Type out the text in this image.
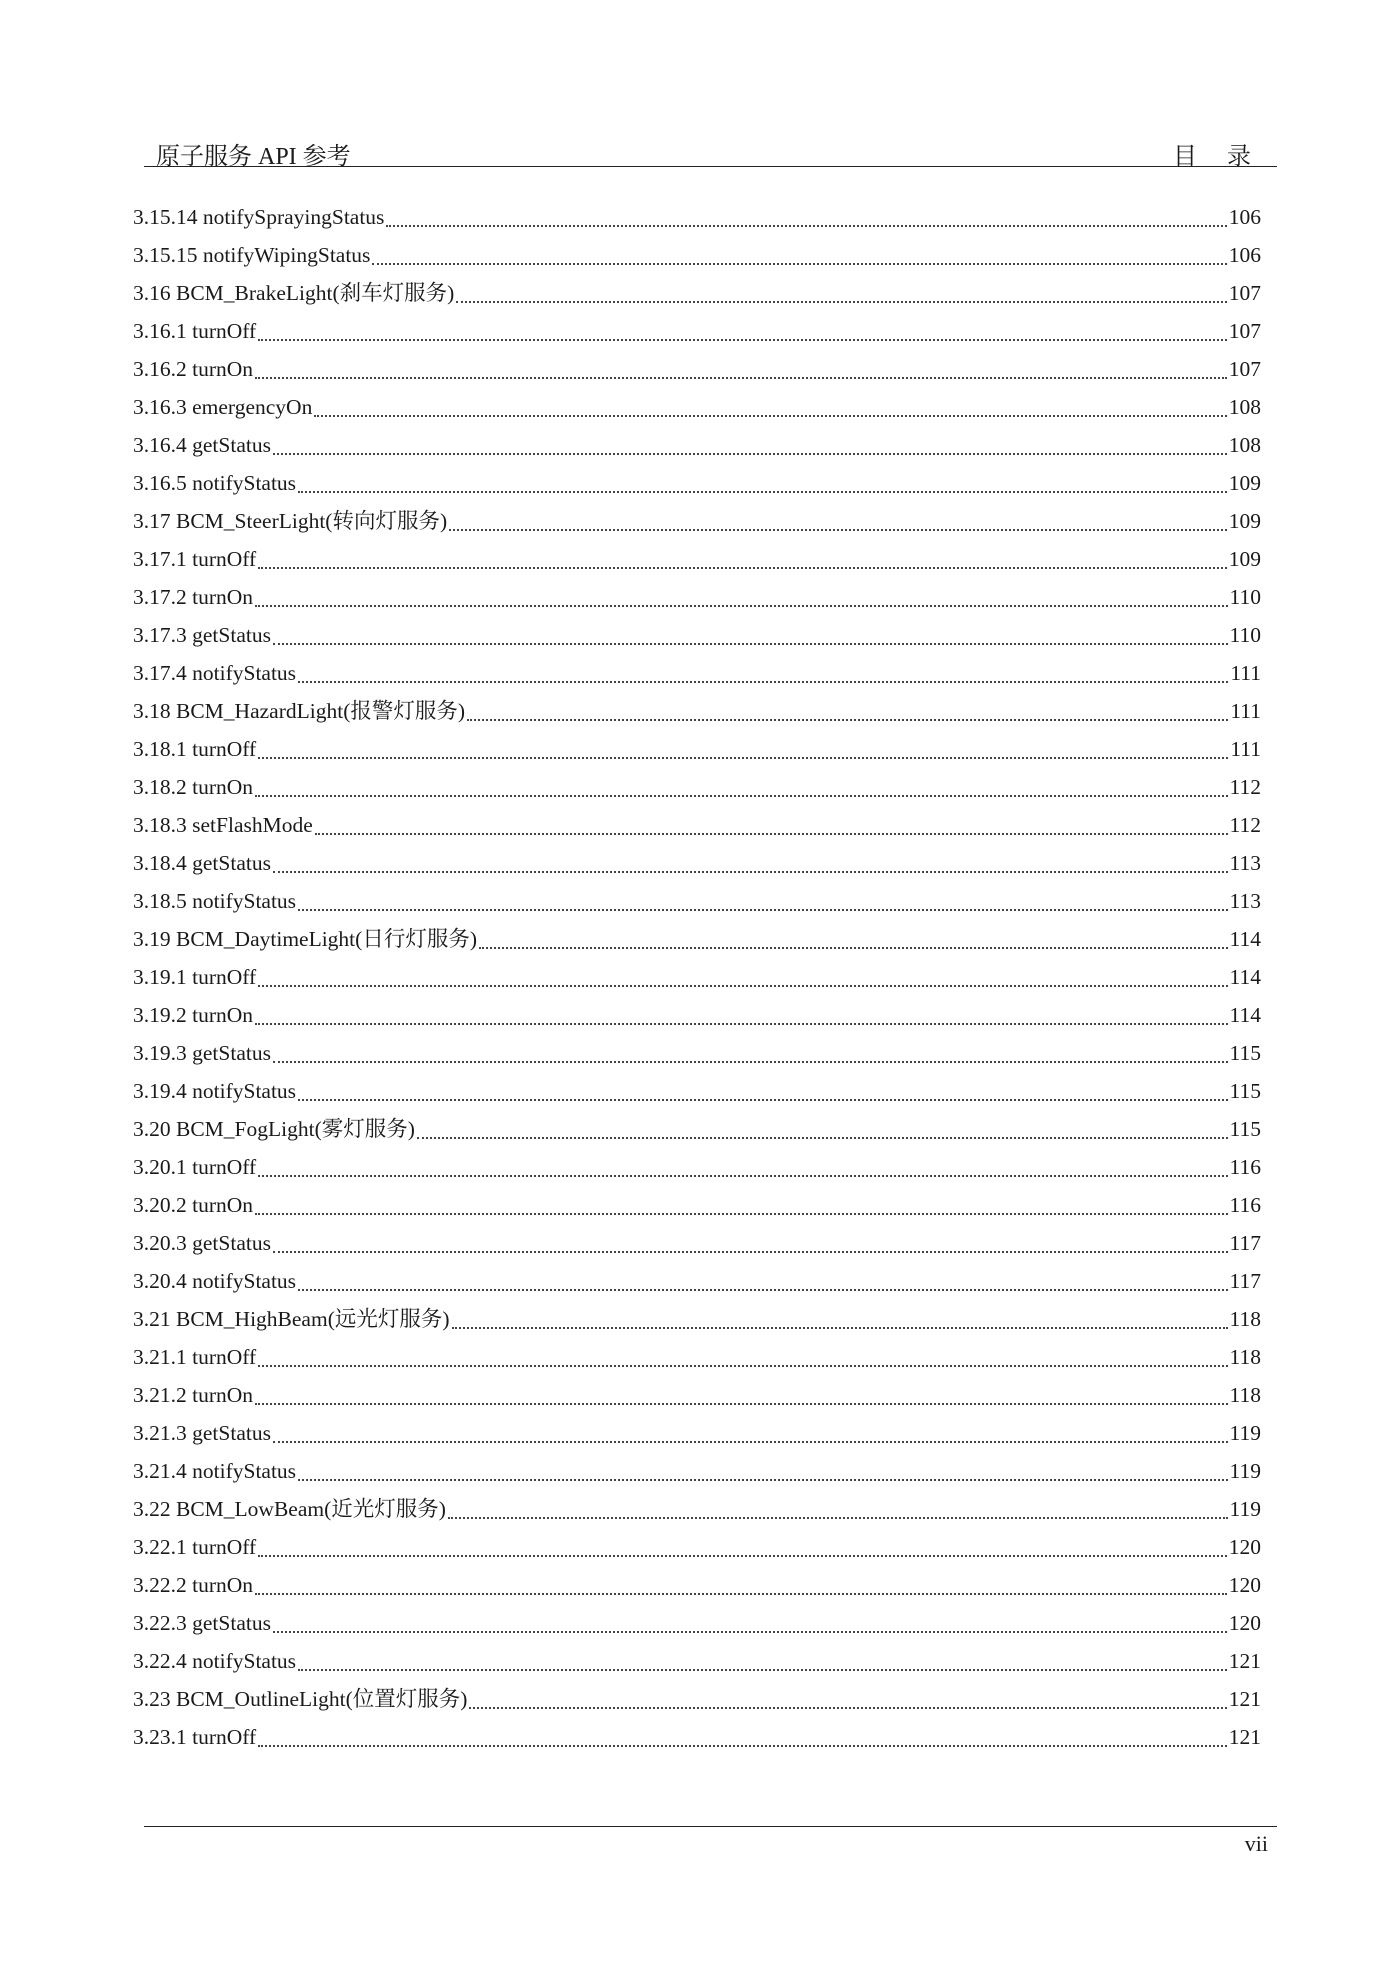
原子服务 API 参考	目 录
3.15.14 notifySprayingStatus	106
3.15.15 notifyWipingStatus	106
3.16 BCM_BrakeLight(刹车灯服务)	107
3.16.1 turnOff	107
3.16.2 turnOn	107
3.16.3 emergencyOn	108
3.16.4 getStatus	108
3.16.5 notifyStatus	109
3.17 BCM_SteerLight(转向灯服务)	109
3.17.1 turnOff	109
3.17.2 turnOn	110
3.17.3 getStatus	110
3.17.4 notifyStatus	111
3.18 BCM_HazardLight(报警灯服务)	111
3.18.1 turnOff	111
3.18.2 turnOn	112
3.18.3 setFlashMode	112
3.18.4 getStatus	113
3.18.5 notifyStatus	113
3.19 BCM_DaytimeLight(日行灯服务)	114
3.19.1 turnOff	114
3.19.2 turnOn	114
3.19.3 getStatus	115
3.19.4 notifyStatus	115
3.20 BCM_FogLight(雾灯服务)	115
3.20.1 turnOff	116
3.20.2 turnOn	116
3.20.3 getStatus	117
3.20.4 notifyStatus	117
3.21 BCM_HighBeam(远光灯服务)	118
3.21.1 turnOff	118
3.21.2 turnOn	118
3.21.3 getStatus	119
3.21.4 notifyStatus	119
3.22 BCM_LowBeam(近光灯服务)	119
3.22.1 turnOff	120
3.22.2 turnOn	120
3.22.3 getStatus	120
3.22.4 notifyStatus	121
3.23 BCM_OutlineLight(位置灯服务)	121
3.23.1 turnOff	121
vii
